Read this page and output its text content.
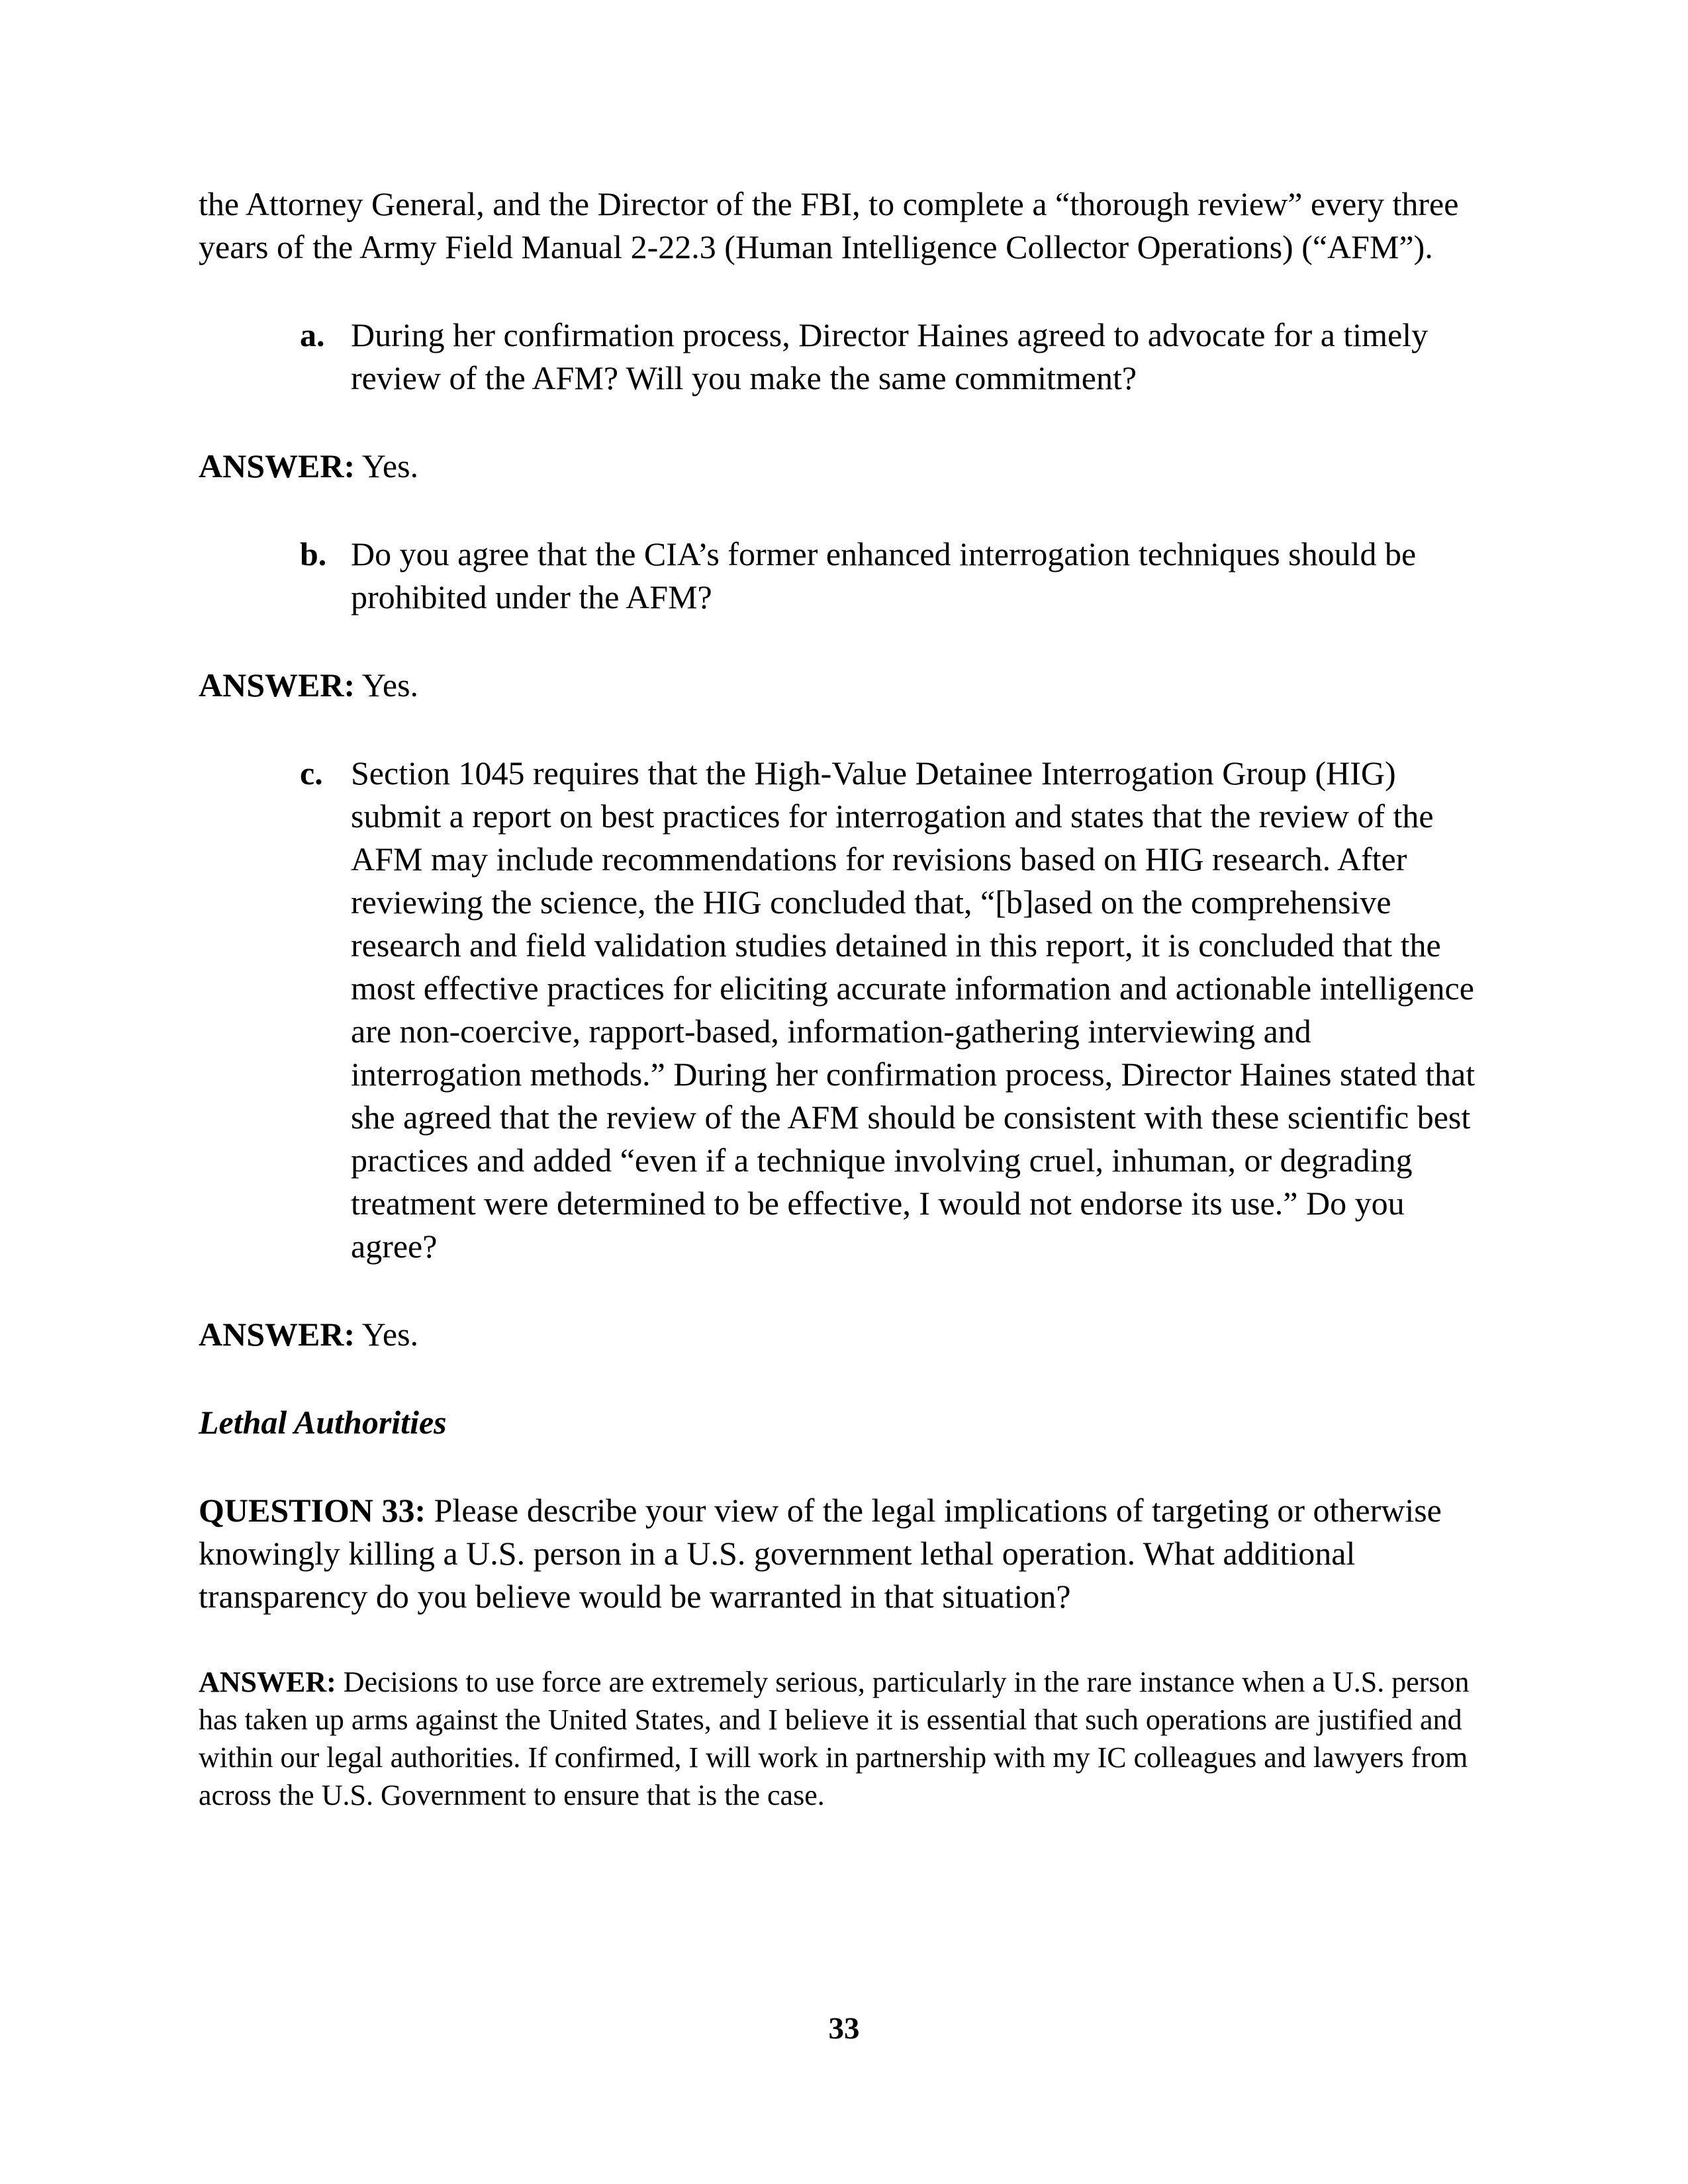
the Attorney General, and the Director of the FBI, to complete a “thorough review” every three years of the Army Field Manual 2-22.3 (Human Intelligence Collector Operations) (“AFM”).

a. During her confirmation process, Director Haines agreed to advocate for a timely review of the AFM? Will you make the same commitment?

ANSWER: Yes.

b. Do you agree that the CIA’s former enhanced interrogation techniques should be prohibited under the AFM?

ANSWER: Yes.

c. Section 1045 requires that the High-Value Detainee Interrogation Group (HIG) submit a report on best practices for interrogation and states that the review of the AFM may include recommendations for revisions based on HIG research. After reviewing the science, the HIG concluded that, “[b]ased on the comprehensive research and field validation studies detained in this report, it is concluded that the most effective practices for eliciting accurate information and actionable intelligence are non-coercive, rapport-based, information-gathering interviewing and interrogation methods.” During her confirmation process, Director Haines stated that she agreed that the review of the AFM should be consistent with these scientific best practices and added “even if a technique involving cruel, inhuman, or degrading treatment were determined to be effective, I would not endorse its use.” Do you agree?

ANSWER: Yes.

Lethal Authorities

QUESTION 33: Please describe your view of the legal implications of targeting or otherwise knowingly killing a U.S. person in a U.S. government lethal operation. What additional transparency do you believe would be warranted in that situation?

ANSWER: Decisions to use force are extremely serious, particularly in the rare instance when a U.S. person has taken up arms against the United States, and I believe it is essential that such operations are justified and within our legal authorities. If confirmed, I will work in partnership with my IC colleagues and lawyers from across the U.S. Government to ensure that is the case.

33
